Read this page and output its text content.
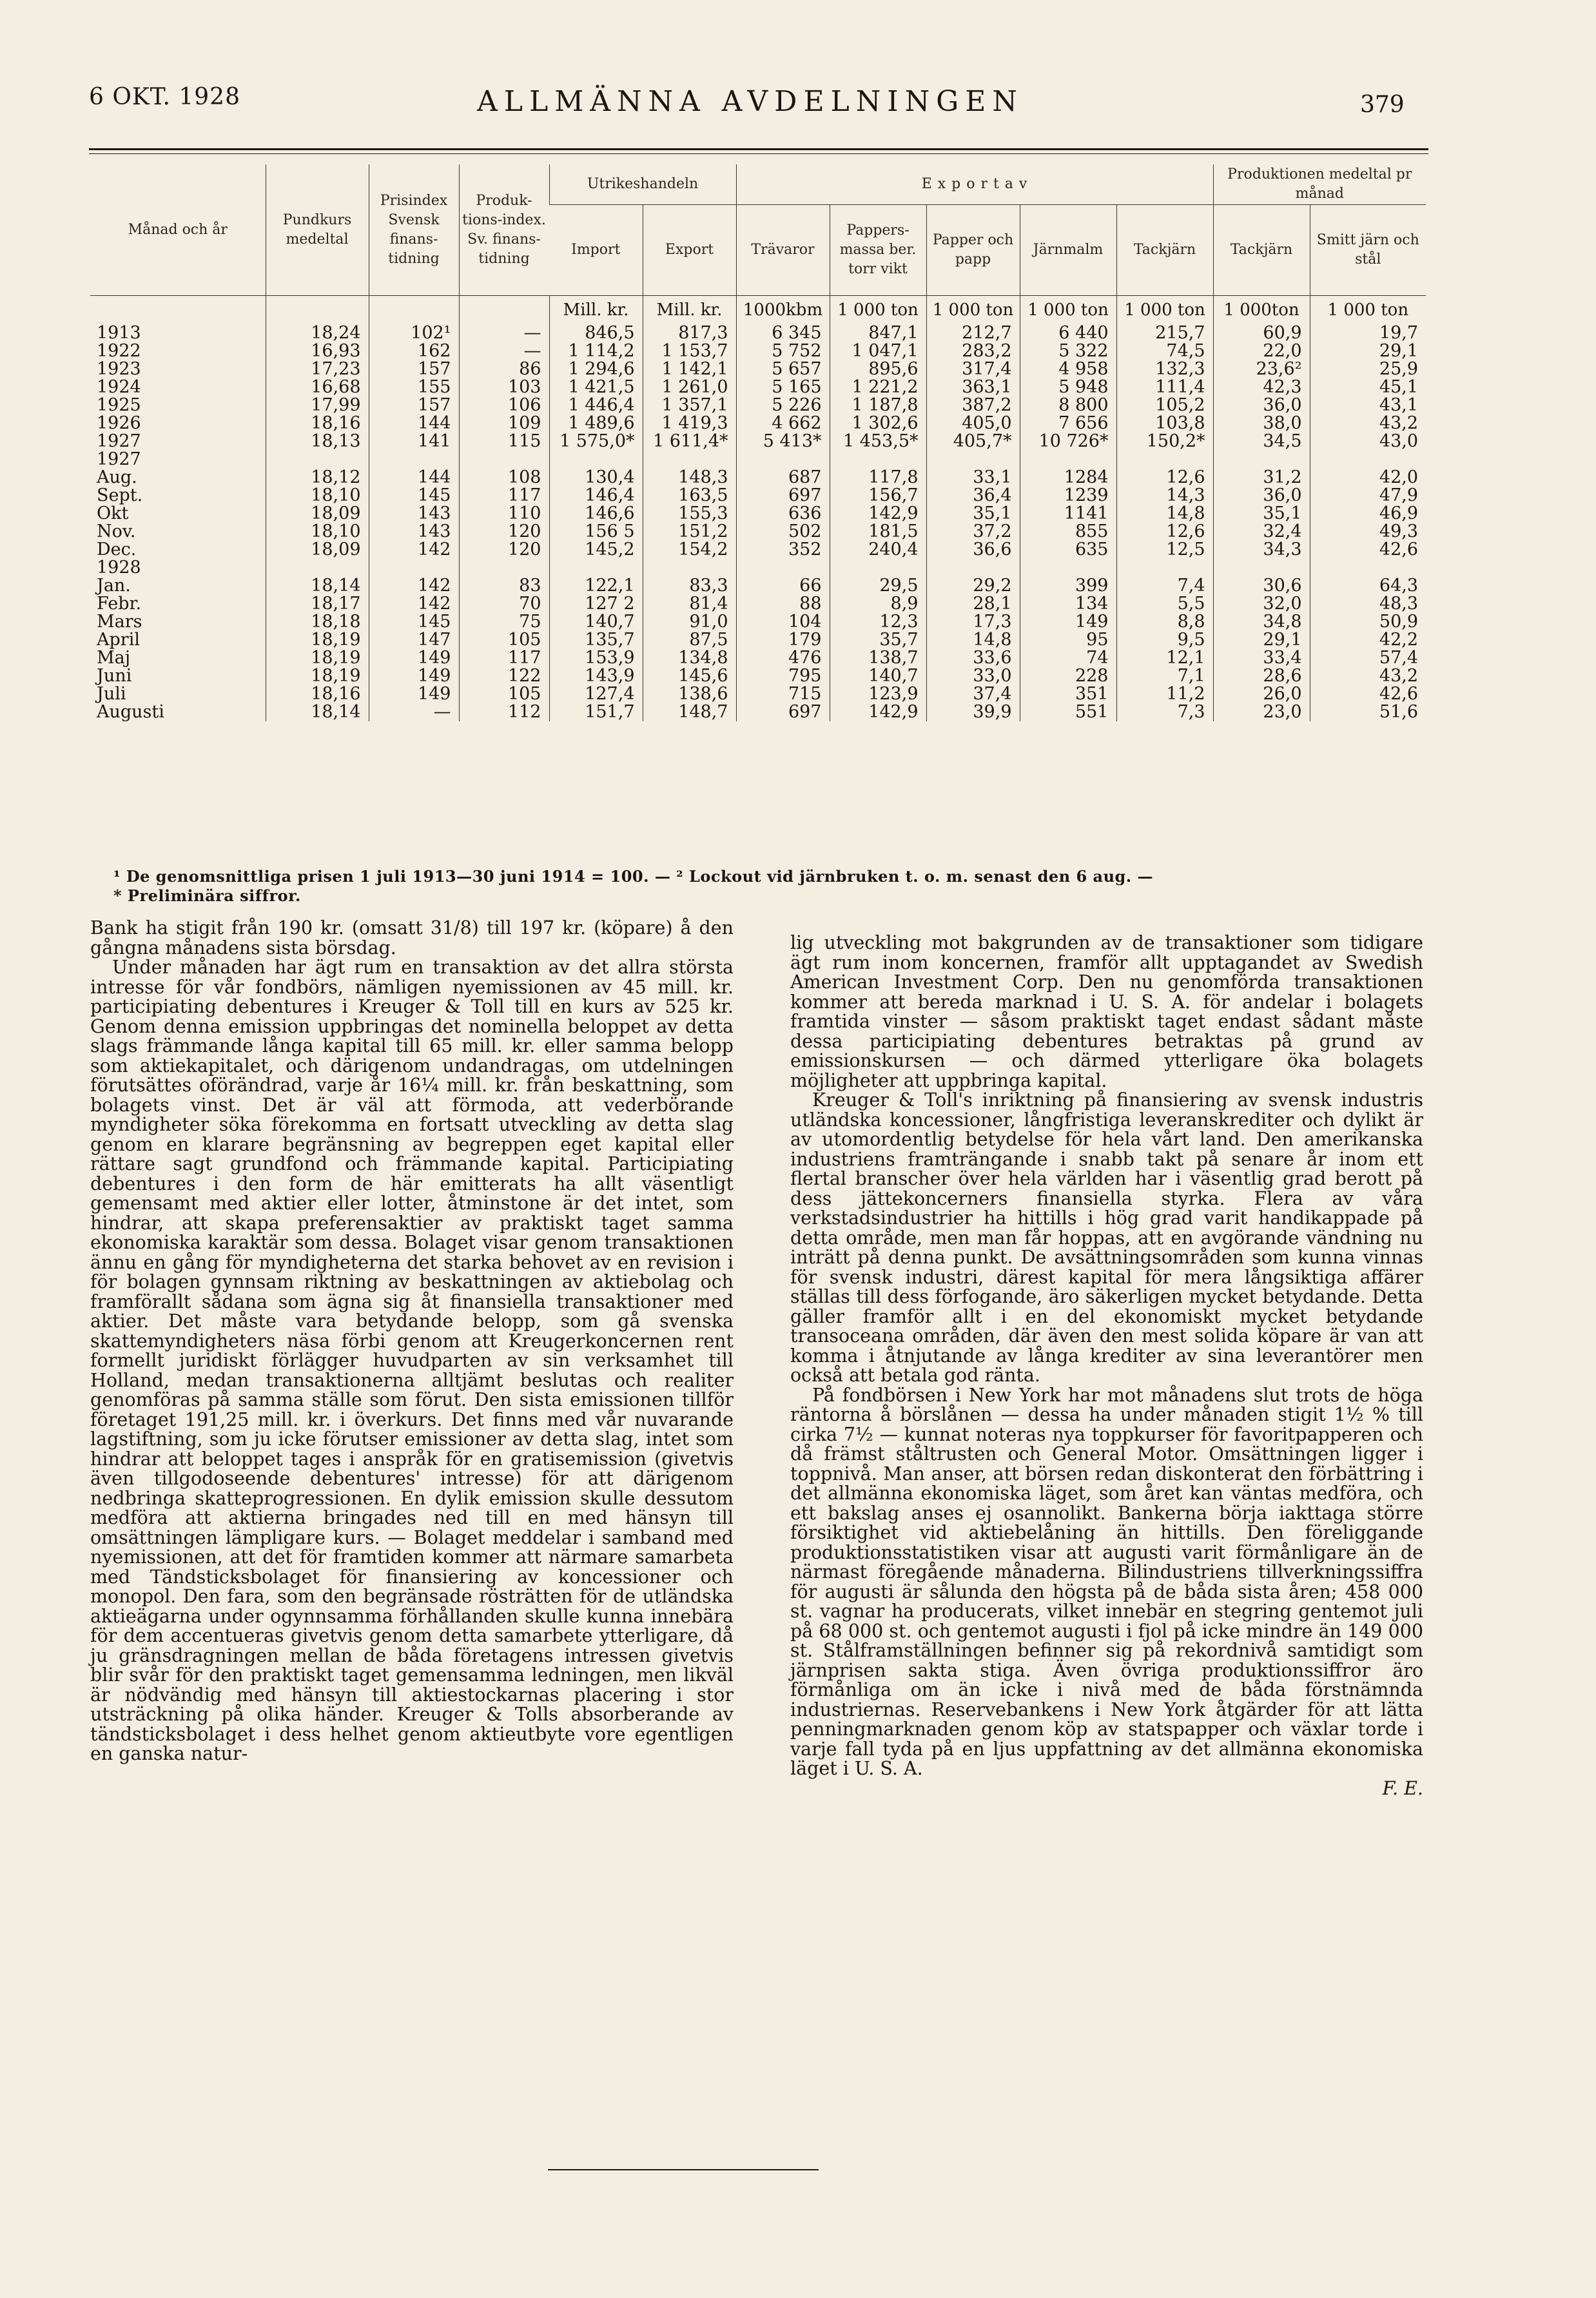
6 OKT. 1928	ALLMÄNNA AVDELNINGEN	379
Månad och år	Pundkurs medeltal	Prisindex Svensk finans-tidning	Produk-tions-index. Sv. finans-tidning	Utrikeshandeln		E x p o r t a v					Produktionen medeltal pr månad	
				Import	Export	Trävaror	Pappers-massa ber. torr vikt	Papper och papp	Järnmalm	Tackjärn	Tackjärn	Smitt järn och stål
				Mill. kr.	Mill. kr.	1000kbm	1 000 ton	1 000 ton	1 000 ton	1 000 ton	1 000ton	1 000 ton
1913	18,24	102¹	—	846,5	817,3	6 345	847,1	212,7	6 440	215,7	60,9	19,7
1922	16,93	162	—	1 114,2	1 153,7	5 752	1 047,1	283,2	5 322	74,5	22,0	29,1
1923	17,23	157	86	1 294,6	1 142,1	5 657	895,6	317,4	4 958	132,3	23,6²	25,9
1924	16,68	155	103	1 421,5	1 261,0	5 165	1 221,2	363,1	5 948	111,4	42,3	45,1
1925	17,99	157	106	1 446,4	1 357,1	5 226	1 187,8	387,2	8 800	105,2	36,0	43,1
1926	18,16	144	109	1 489,6	1 419,3	4 662	1 302,6	405,0	7 656	103,8	38,0	43,2
1927	18,13	141	115	1 575,0*	1 611,4*	5 413*	1 453,5*	405,7*	10 726*	150,2*	34,5	43,0
1927												
Aug.	18,12	144	108	130,4	148,3	687	117,8	33,1	1284	12,6	31,2	42,0
Sept.	18,10	145	117	146,4	163,5	697	156,7	36,4	1239	14,3	36,0	47,9
Okt	18,09	143	110	146,6	155,3	636	142,9	35,1	1141	14,8	35,1	46,9
Nov.	18,10	143	120	156 5	151,2	502	181,5	37,2	855	12,6	32,4	49,3
Dec.	18,09	142	120	145,2	154,2	352	240,4	36,6	635	12,5	34,3	42,6
1928												
Jan.	18,14	142	83	122,1	83,3	66	29,5	29,2	399	7,4	30,6	64,3
Febr.	18,17	142	70	127 2	81,4	88	8,9	28,1	134	5,5	32,0	48,3
Mars	18,18	145	75	140,7	91,0	104	12,3	17,3	149	8,8	34,8	50,9
April	18,19	147	105	135,7	87,5	179	35,7	14,8	95	9,5	29,1	42,2
Maj	18,19	149	117	153,9	134,8	476	138,7	33,6	74	12,1	33,4	57,4
Juni	18,19	149	122	143,9	145,6	795	140,7	33,0	228	7,1	28,6	43,2
Juli	18,16	149	105	127,4	138,6	715	123,9	37,4	351	11,2	26,0	42,6
Augusti	18,14	—	112	151,7	148,7	697	142,9	39,9	551	7,3	23,0	51,6
¹ De genomsnittliga prisen 1 juli 1913—30 juni 1914 = 100. — ² Lockout vid järnbruken t. o. m. senast den 6 aug. —
* Preliminära siffror.

Bank ha stigit från 190 kr. (omsatt 31/8) till 197 kr. (köpare) å den gångna månadens sista börsdag.

Under månaden har ägt rum en transaktion av det allra största intresse för vår fondbörs, nämligen nyemissionen av 45 mill. kr. participiating debentures i Kreuger & Toll till en kurs av 525 kr. Genom denna emission uppbringas det nominella beloppet av detta slags främmande långa kapital till 65 mill. kr. eller samma belopp som aktiekapitalet, och därigenom undandragas, om utdelningen förutsättes oförändrad, varje år 16¼ mill. kr. från beskattning, som bolagets vinst. Det är väl att förmoda, att vederbörande myndigheter söka förekomma en fortsatt utveckling av detta slag genom en klarare begränsning av begreppen eget kapital eller rättare sagt grundfond och främmande kapital. Participiating debentures i den form de här emitterats ha allt väsentligt gemensamt med aktier eller lotter, åtminstone är det intet, som hindrar, att skapa preferensaktier av praktiskt taget samma ekonomiska karaktär som dessa. Bolaget visar genom transaktionen ännu en gång för myndigheterna det starka behovet av en revision i för bolagen gynnsam riktning av beskattningen av aktiebolag och framförallt sådana som ägna sig åt finansiella transaktioner med aktier. Det måste vara betydande belopp, som gå svenska skattemyndigheters näsa förbi genom att Kreugerkoncernen rent formellt juridiskt förlägger huvudparten av sin verksamhet till Holland, medan transaktionerna alltjämt beslutas och realiter genomföras på samma ställe som förut. Den sista emissionen tillför företaget 191,25 mill. kr. i överkurs. Det finns med vår nuvarande lagstiftning, som ju icke förutser emissioner av detta slag, intet som hindrar att beloppet tages i anspråk för en gratisemission (givetvis även tillgodoseende debentures' intresse) för att därigenom nedbringa skatteprogressionen. En dylik emission skulle dessutom medföra att aktierna bringades ned till en med hänsyn till omsättningen lämpligare kurs. — Bolaget meddelar i samband med nyemissionen, att det för framtiden kommer att närmare samarbeta med Tändsticksbolaget för finansiering av koncessioner och monopol. Den fara, som den begränsade rösträtten för de utländska aktieägarna under ogynnsamma förhållanden skulle kunna innebära för dem accentueras givetvis genom detta samarbete ytterligare, då ju gränsdragningen mellan de båda företagens intressen givetvis blir svår för den praktiskt taget gemensamma ledningen, men likväl är nödvändig med hänsyn till aktiestockarnas placering i stor utsträckning på olika händer. Kreuger & Tolls absorberande av tändsticksbolaget i dess helhet genom aktieutbyte vore egentligen en ganska natur-

lig utveckling mot bakgrunden av de transaktioner som tidigare ägt rum inom koncernen, framför allt upptagandet av Swedish American Investment Corp. Den nu genomförda transaktionen kommer att bereda marknad i U. S. A. för andelar i bolagets framtida vinster — såsom praktiskt taget endast sådant måste dessa participiating debentures betraktas på grund av emissionskursen — och därmed ytterligare öka bolagets möjligheter att uppbringa kapital.

Kreuger & Toll's inriktning på finansiering av svensk industris utländska koncessioner, långfristiga leveranskrediter och dylikt är av utomordentlig betydelse för hela vårt land. Den amerikanska industriens framträngande i snabb takt på senare år inom ett flertal branscher över hela världen har i väsentlig grad berott på dess jättekoncerners finansiella styrka. Flera av våra verkstadsindustrier ha hittills i hög grad varit handikappade på detta område, men man får hoppas, att en avgörande vändning nu inträtt på denna punkt. De avsättningsområden som kunna vinnas för svensk industri, därest kapital för mera långsiktiga affärer ställas till dess förfogande, äro säkerligen mycket betydande. Detta gäller framför allt i en del ekonomiskt mycket betydande transoceana områden, där även den mest solida köpare är van att komma i åtnjutande av långa krediter av sina leverantörer men också att betala god ränta.

På fondbörsen i New York har mot månadens slut trots de höga räntorna å börslånen — dessa ha under månaden stigit 1½ % till cirka 7½ — kunnat noteras nya toppkurser för favoritpapperen och då främst ståltrusten och General Motor. Omsättningen ligger i toppnivå. Man anser, att börsen redan diskonterat den förbättring i det allmänna ekonomiska läget, som året kan väntas medföra, och ett bakslag anses ej osannolikt. Bankerna börja iakttaga större försiktighet vid aktiebelåning än hittills. Den föreliggande produktionsstatistiken visar att augusti varit förmånligare än de närmast föregående månaderna. Bilindustriens tillverkningssiffra för augusti är sålunda den högsta på de båda sista åren; 458 000 st. vagnar ha producerats, vilket innebär en stegring gentemot juli på 68 000 st. och gentemot augusti i fjol på icke mindre än 149 000 st. Stålframställningen befinner sig på rekordnivå samtidigt som järnprisen sakta stiga. Även övriga produktionssiffror äro förmånliga om än icke i nivå med de båda förstnämnda industriernas. Reservebankens i New York åtgärder för att lätta penningmarknaden genom köp av statspapper och växlar torde i varje fall tyda på en ljus uppfattning av det allmänna ekonomiska läget i U. S. A.

F. E.
